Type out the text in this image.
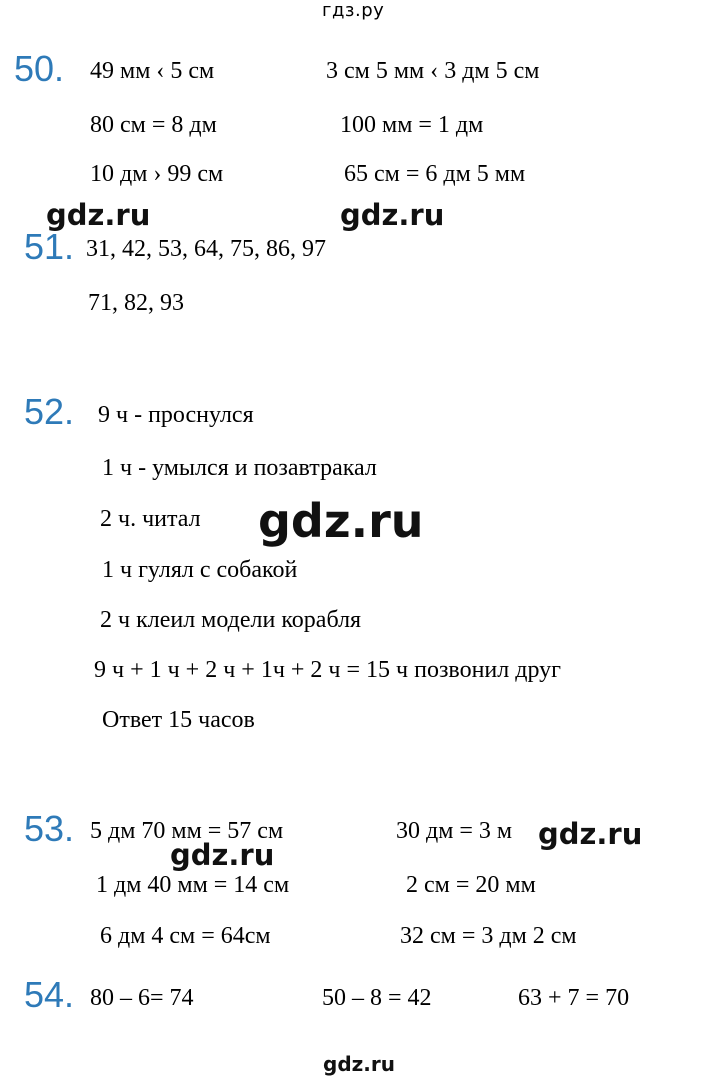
гдз.ру
50. 49 мм ‹ 5 см	3 см 5 мм ‹ 3 дм 5 см
80 см = 8 дм	100 мм = 1 дм
10 дм › 99 см	65 см = 6 дм 5 мм
gdz.ru	gdz.ru
51. 31, 42, 53, 64, 75, 86, 97
71, 82, 93
52. 9 ч - проснулся
1 ч - умылся и позавтракал
2 ч. читал
1 ч гулял с собакой
2 ч клеил модели корабля
9 ч + 1 ч + 2 ч + 1ч + 2 ч = 15 ч позвонил друг
Ответ 15 часов
gdz.ru
53. 5 дм 70 мм = 57 см	30 дм = 3 м
1 дм 40 мм = 14 см	2 см = 20 мм
6 дм 4 см = 64см	32 см = 3 дм 2 см
gdz.ru
gdz.ru
54. 80 – 6= 74	50 – 8 = 42	63 + 7 = 70
gdz.ru
